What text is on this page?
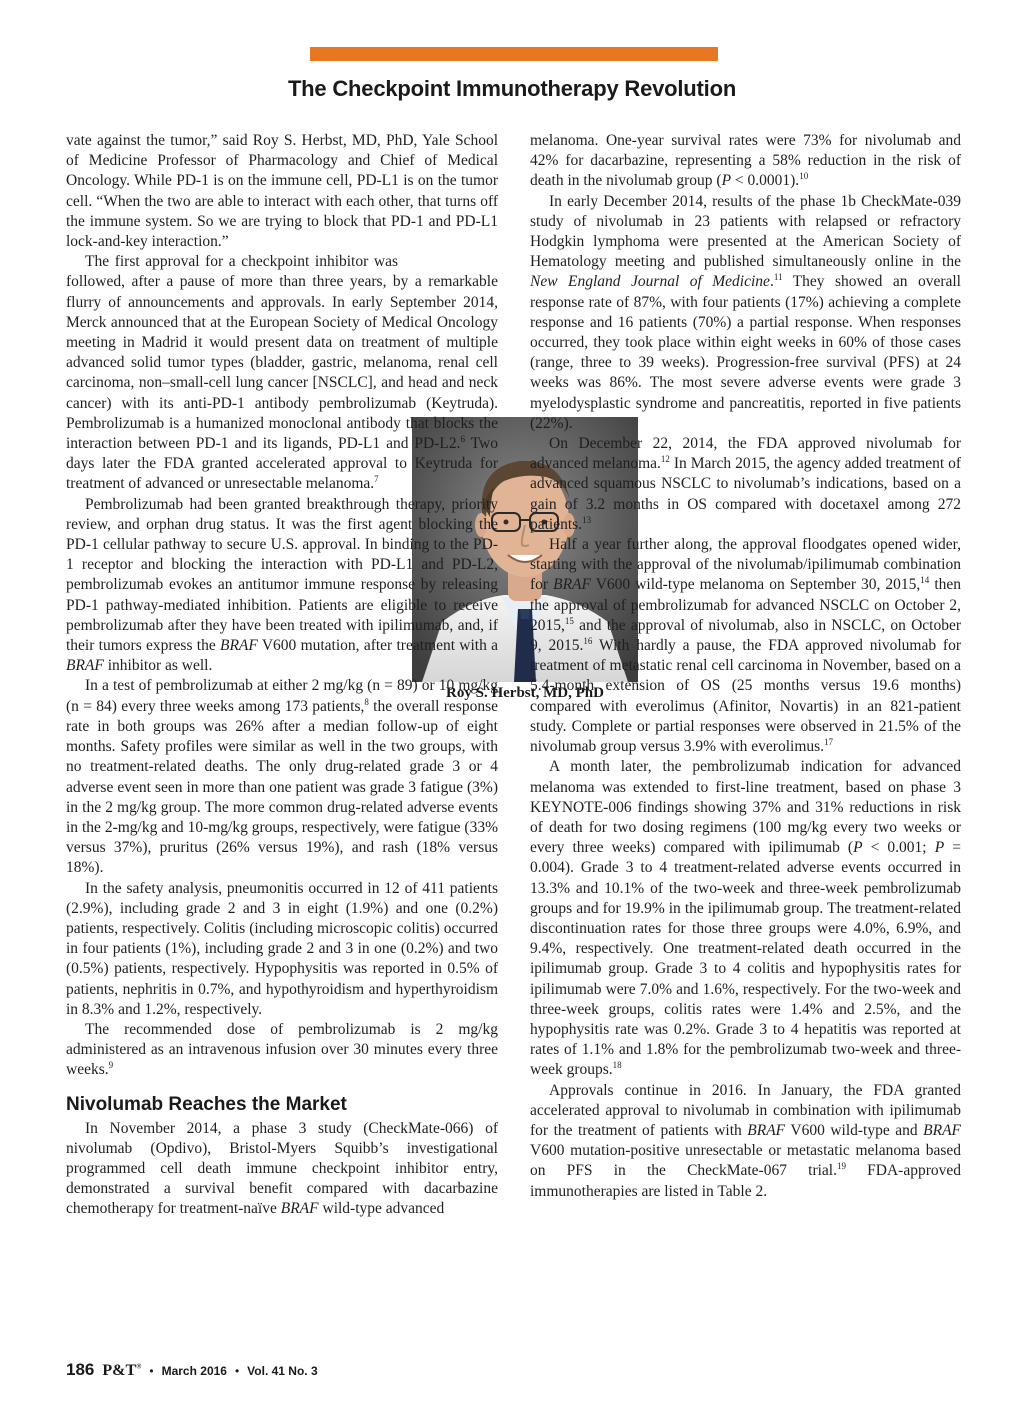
The Checkpoint Immunotherapy Revolution
Roy S. Herbst, MD, PhD

vate against the tumor,” said Roy S. Herbst, MD, PhD, Yale School of Medicine Professor of Pharmacology and Chief of Medical Oncology. While PD-1 is on the immune cell, PD-L1 is on the tumor cell. “When the two are able to interact with each other, that turns off the immune system. So we are trying to block that PD-1 and PD-L1 lock-and-key interaction.”

The first approval for a checkpoint inhibitor was followed, after a pause of more than three years, by a remarkable flurry of announcements and approvals. In early September 2014, Merck announced that at the European Society of Medical Oncology meeting in Madrid it would present data on treatment of multiple advanced solid tumor types (bladder, gastric, melanoma, renal cell carcinoma, non–small-cell lung cancer [NSCLC], and head and neck cancer) with its anti-PD-1 antibody pembrolizumab (Keytruda). Pembrolizumab is a humanized monoclonal antibody that blocks the interaction between PD-1 and its ligands, PD-L1 and PD-L2.$^6$ Two days later the FDA granted accelerated approval to Keytruda for treatment of advanced or unresectable melanoma.$^7$

Pembrolizumab had been granted breakthrough therapy, priority review, and orphan drug status. It was the first agent blocking the PD-1 cellular pathway to secure U.S. approval. In binding to the PD-1 receptor and blocking the interaction with PD-L1 and PD-L2, pembrolizumab evokes an antitumor immune response by releasing PD-1 pathway-mediated inhibition. Patients are eligible to receive pembrolizumab after they have been treated with ipilimumab, and, if their tumors express the BRAF V600 mutation, after treatment with a BRAF inhibitor as well.

In a test of pembrolizumab at either 2 mg/kg (n = 89) or 10 mg/kg (n = 84) every three weeks among 173 patients,$^8$ the overall response rate in both groups was 26% after a median follow-up of eight months. Safety profiles were similar as well in the two groups, with no treatment-related deaths. The only drug-related grade 3 or 4 adverse event seen in more than one patient was grade 3 fatigue (3%) in the 2 mg/kg group. The more common drug-related adverse events in the 2-mg/kg and 10-mg/kg groups, respectively, were fatigue (33% versus 37%), pruritus (26% versus 19%), and rash (18% versus 18%).

In the safety analysis, pneumonitis occurred in 12 of 411 patients (2.9%), including grade 2 and 3 in eight (1.9%) and one (0.2%) patients, respectively. Colitis (including microscopic colitis) occurred in four patients (1%), including grade 2 and 3 in one (0.2%) and two (0.5%) patients, respectively. Hypophysitis was reported in 0.5% of patients, nephritis in 0.7%, and hypothyroidism and hyperthyroidism in 8.3% and 1.2%, respectively.

The recommended dose of pembrolizumab is 2 mg/kg administered as an intravenous infusion over 30 minutes every three weeks.$^9$

Nivolumab Reaches the Market

In November 2014, a phase 3 study (CheckMate-066) of nivolumab (Opdivo), Bristol-Myers Squibb’s investigational programmed cell death immune checkpoint inhibitor entry, demonstrated a survival benefit compared with dacarbazine chemotherapy for treatment-naïve BRAF wild-type advanced

melanoma. One-year survival rates were 73% for nivolumab and 42% for dacarbazine, representing a 58% reduction in the risk of death in the nivolumab group (P < 0.0001).$^{10}$

In early December 2014, results of the phase 1b CheckMate-039 study of nivolumab in 23 patients with relapsed or refractory Hodgkin lymphoma were presented at the American Society of Hematology meeting and published simultaneously online in the New England Journal of Medicine.$^{11}$ They showed an overall response rate of 87%, with four patients (17%) achieving a complete response and 16 patients (70%) a partial response. When responses occurred, they took place within eight weeks in 60% of those cases (range, three to 39 weeks). Progression-free survival (PFS) at 24 weeks was 86%. The most severe adverse events were grade 3 myelodysplastic syndrome and pancreatitis, reported in five patients (22%).

On December 22, 2014, the FDA approved nivolumab for advanced melanoma.$^{12}$ In March 2015, the agency added treatment of advanced squamous NSCLC to nivolumab’s indications, based on a gain of 3.2 months in OS compared with docetaxel among 272 patients.$^{13}$

Half a year further along, the approval floodgates opened wider, starting with the approval of the nivolumab/ipilimumab combination for BRAF V600 wild-type melanoma on September 30, 2015,14 then the approval of pembrolizumab for advanced NSCLC on October 2, 2015,15 and the approval of nivolumab, also in NSCLC, on October 9, 2015.16 With hardly a pause, the FDA approved nivolumab for treatment of metastatic renal cell carcinoma in November, based on a 5.4-month extension of OS (25 months versus 19.6 months) compared with everolimus (Afinitor, Novartis) in an 821-patient study. Complete or partial responses were observed in 21.5% of the nivolumab group versus 3.9% with everolimus.$^{17}$

A month later, the pembrolizumab indication for advanced melanoma was extended to first-line treatment, based on phase 3 KEYNOTE-006 findings showing 37% and 31% reductions in risk of death for two dosing regimens (100 mg/kg every two weeks or every three weeks) compared with ipilimumab (P < 0.001; P = 0.004). Grade 3 to 4 treatment-related adverse events occurred in 13.3% and 10.1% of the two-week and three-week pembrolizumab groups and for 19.9% in the ipilimumab group. The treatment-related discontinuation rates for those three groups were 4.0%, 6.9%, and 9.4%, respectively. One treatment-related death occurred in the ipilimumab group. Grade 3 to 4 colitis and hypophysitis rates for ipilimumab were 7.0% and 1.6%, respectively. For the two-week and three-week groups, colitis rates were 1.4% and 2.5%, and the hypophysitis rate was 0.2%. Grade 3 to 4 hepatitis was reported at rates of 1.1% and 1.8% for the pembrolizumab two-week and three-week groups.$^{18}$

Approvals continue in 2016. In January, the FDA granted accelerated approval to nivolumab in combination with ipilimumab for the treatment of patients with BRAF V600 wild-type and BRAF V600 mutation-positive unresectable or metastatic melanoma based on PFS in the CheckMate-067 trial.$^{19}$ FDA-approved immunotherapies are listed in Table 2.

186 P&T® • March 2016 • Vol. 41 No. 3
